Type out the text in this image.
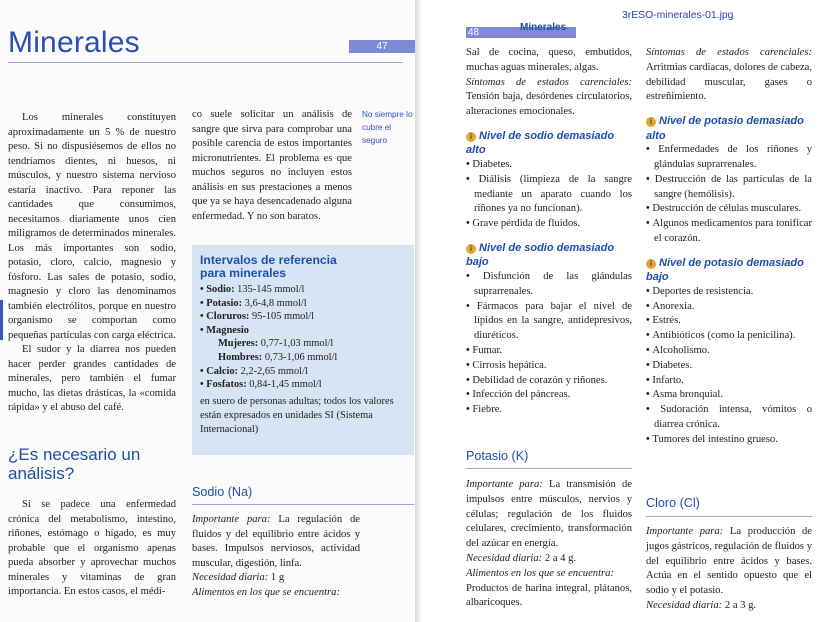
Minerales	47

Los minerales constituyen aproximadamente un 5 % de nuestro peso. Si no dispusiésemos de ellos no tendríamos dientes, ni huesos, ni músculos, y nuestro sistema nervioso estaría inactivo. Para reponer las cantidades que consumimos, necesitamos diariamente unos cien miligramos de determinados minerales. Los más importantes son sodio, potasio, cloro, calcio, magnesio y fósforo. Las sales de potasio, sodio, magnesio y cloro las denominamos también electrólitos, porque en nuestro organismo se comportan como pequeñas partículas con carga eléctrica.

El sudor y la diarrea nos pueden hacer perder grandes cantidades de minerales, pero también el fumar mucho, las dietas drásticas, la «comida rápida» y el abuso del café.

¿Es necesario un análisis?

Si se padece una enfermedad crónica del metabolismo, intestino, riñones, estómago o hígado, es muy probable que el organismo apenas pueda absorber y aprovechar muchos minerales y vitaminas de gran importancia. En estos casos, el médi-

co suele solicitar un análisis de sangre que sirva para comprobar una posible carencia de estos importantes micronutrientes. El problema es que muchos seguros no incluyen estos análisis en sus prestaciones a menos que ya se haya desencadenado alguna enfermedad. Y no son baratos.

No siempre lo cubre el seguro
Intervalos de referencia para minerales
• Sodio: 135-145 mmol/l
• Potasio: 3,6-4,8 mmol/l
• Cloruros: 95-105 mmol/l
• Magnesio
Mujeres: 0,77-1,03 mmol/l
Hombres: 0,73-1,06 mmol/l
• Calcio: 2,2-2,65 mmol/l
• Fosfatos: 0,84-1,45 mmol/l
en suero de personas adultas; todos los valores están expresados en unidades SI (Sistema Internacional)
Sodio (Na)

Importante para: La regulación de fluidos y del equilibrio entre ácidos y bases. Impulsos nerviosos, actividad muscular, digestión, linfa.

Necesidad diaria: 1 g

Alimentos en los que se encuentra:

3rESO-minerales-01.jpg
48	Minerales

Sal de cocina, queso, embutidos, muchas aguas minerales, algas.

Síntomas de estados carenciales: Tensión baja, desórdenes circulatorios, alteraciones emocionales.

i Nivel de sodio demasiado alto
• Diabetes.
• Diálisis (limpieza de la sangre mediante un aparato cuando los riñones ya no funcionan).
• Grave pérdida de fluidos.
i Nivel de sodio demasiado bajo
• Disfunción de las glándulas suprarrenales.
• Fármacos para bajar el nivel de lípidos en la sangre, antidepresivos, diuréticos.
• Fumar.
• Cirrosis hepática.
• Debilidad de corazón y riñones.
• Infección del páncreas.
• Fiebre.
Potasio (K)

Importante para: La transmisión de impulsos entre músculos, nervios y células; regulación de los fluidos celulares, crecimiento, transformación del azúcar en energía.

Necesidad diaria: 2 a 4 g.

Alimentos en los que se encuentra:

Productos de harina integral, plátanos, albaricoques.

Síntomas de estados carenciales: Arritmias cardiacas, dolores de cabeza, debilidad muscular, gases o estreñimiento.

i Nivel de potasio demasiado alto
• Enfermedades de los riñones y glándulas suprarrenales.
• Destrucción de las partículas de la sangre (hemólisis).
• Destrucción de células musculares.
• Algunos medicamentos para tonificar el corazón.
i Nivel de potasio demasiado bajo
• Deportes de resistencia.
• Anorexia.
• Estrés.
• Antibióticos (como la penicilina).
• Alcoholismo.
• Diabetes.
• Infarto.
• Asma bronquial.
• Sudoración intensa, vómitos o diarrea crónica.
• Tumores del intestino grueso.
Cloro (Cl)

Importante para: La producción de jugos gástricos, regulación de fluidos y del equilibrio entre ácidos y bases. Actúa en el sentido opuesto que el sodio y el potasio.

Necesidad diaria: 2 a 3 g.
